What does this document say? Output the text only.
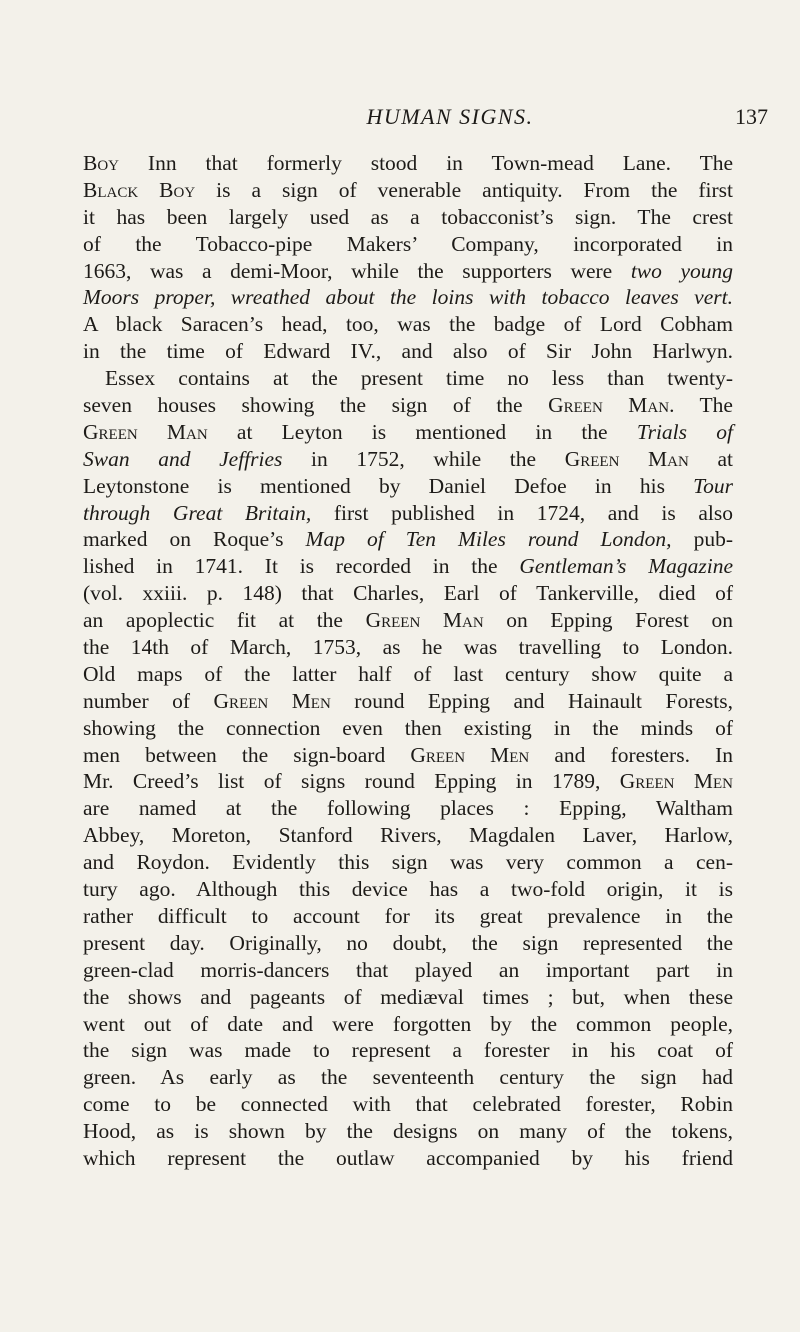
HUMAN SIGNS.	137
Boy Inn that formerly stood in Town-mead Lane. The
Black Boy is a sign of venerable antiquity. From the first
it has been largely used as a tobacconist’s sign. The crest
of the Tobacco-pipe Makers’ Company, incorporated in
1663, was a demi-Moor, while the supporters were two young
Moors proper, wreathed about the loins with tobacco leaves vert.
A black Saracen’s head, too, was the badge of Lord Cobham
in the time of Edward IV., and also of Sir John Harlwyn.
Essex contains at the present time no less than twenty-
seven houses showing the sign of the Green Man. The
Green Man at Leyton is mentioned in the Trials of
Swan and Jeffries in 1752, while the Green Man at
Leytonstone is mentioned by Daniel Defoe in his Tour
through Great Britain, first published in 1724, and is also
marked on Roque’s Map of Ten Miles round London, pub-
lished in 1741. It is recorded in the Gentleman’s Magazine
(vol. xxiii. p. 148) that Charles, Earl of Tankerville, died of
an apoplectic fit at the Green Man on Epping Forest on
the 14th of March, 1753, as he was travelling to London.
Old maps of the latter half of last century show quite a
number of Green Men round Epping and Hainault Forests,
showing the connection even then existing in the minds of
men between the sign-board Green Men and foresters. In
Mr. Creed’s list of signs round Epping in 1789, Green Men
are named at the following places : Epping, Waltham
Abbey, Moreton, Stanford Rivers, Magdalen Laver, Harlow,
and Roydon. Evidently this sign was very common a cen-
tury ago. Although this device has a two-fold origin, it is
rather difficult to account for its great prevalence in the
present day. Originally, no doubt, the sign represented the
green-clad morris-dancers that played an important part in
the shows and pageants of mediæval times ; but, when these
went out of date and were forgotten by the common people,
the sign was made to represent a forester in his coat of
green. As early as the seventeenth century the sign had
come to be connected with that celebrated forester, Robin
Hood, as is shown by the designs on many of the tokens,
which represent the outlaw accompanied by his friend
